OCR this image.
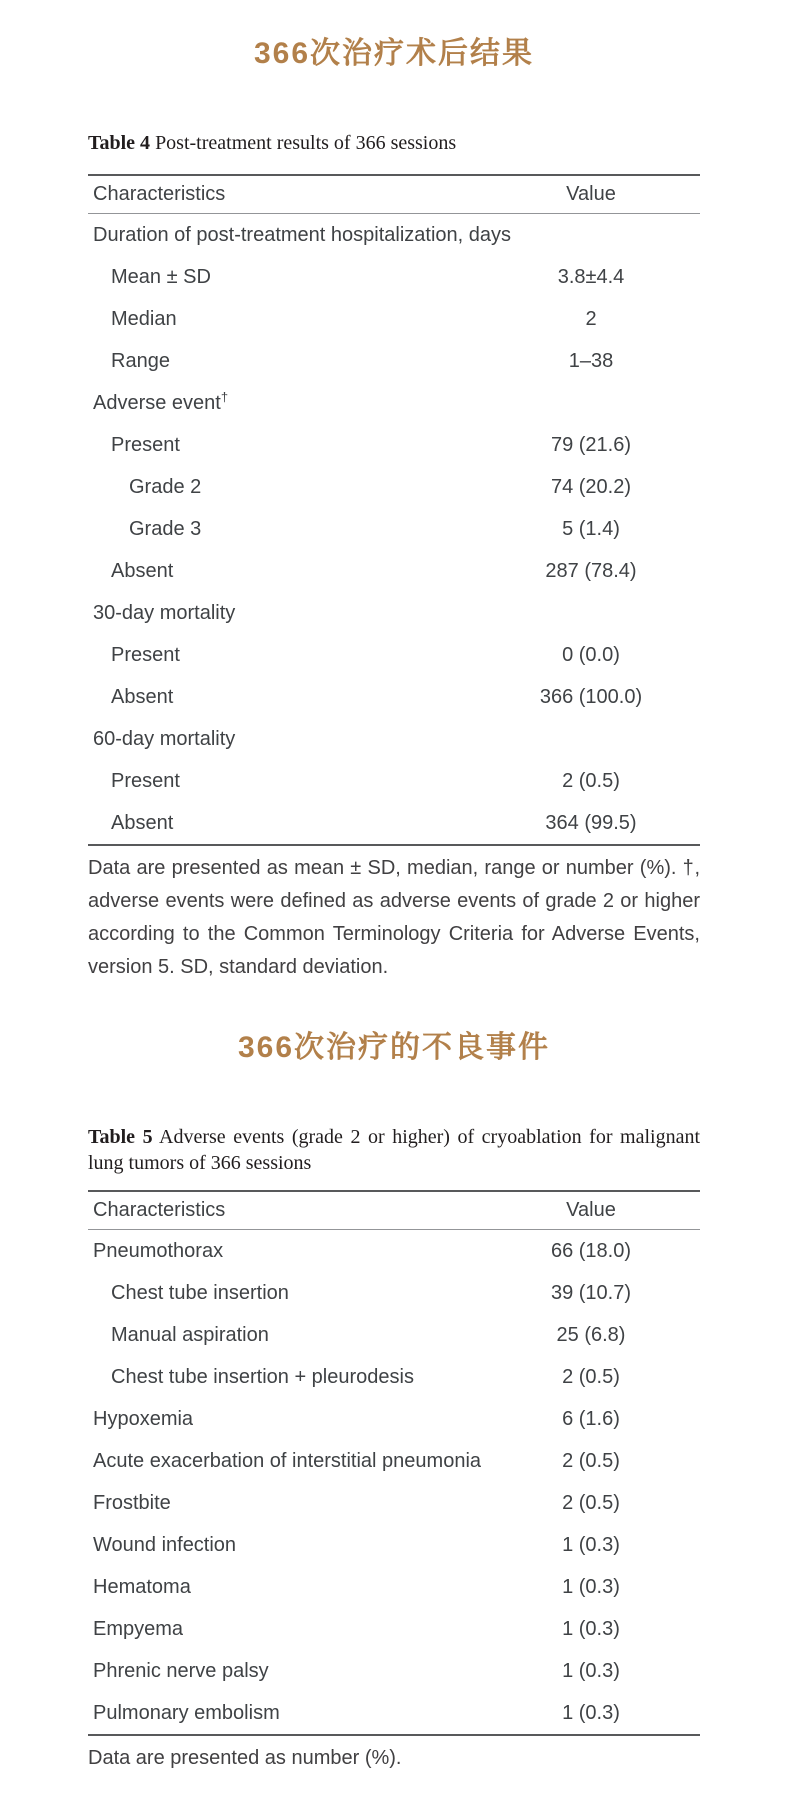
366次治疗术后结果

Table 4 Post-treatment results of 366 sessions

Characteristics	Value
Duration of post-treatment hospitalization, days
Mean ± SD	3.8±4.4
Median	2
Range	1–38
Adverse event†
Present	79 (21.6)
Grade 2	74 (20.2)
Grade 3	5 (1.4)
Absent	287 (78.4)
30-day mortality
Present	0 (0.0)
Absent	366 (100.0)
60-day mortality
Present	2 (0.5)
Absent	364 (99.5)

Data are presented as mean ± SD, median, range or number (%). †, adverse events were defined as adverse events of grade 2 or higher according to the Common Terminology Criteria for Adverse Events, version 5. SD, standard deviation.

366次治疗的不良事件

Table 5 Adverse events (grade 2 or higher) of cryoablation for malignant lung tumors of 366 sessions

Characteristics	Value
Pneumothorax	66 (18.0)
Chest tube insertion	39 (10.7)
Manual aspiration	25 (6.8)
Chest tube insertion + pleurodesis	2 (0.5)
Hypoxemia	6 (1.6)
Acute exacerbation of interstitial pneumonia	2 (0.5)
Frostbite	2 (0.5)
Wound infection	1 (0.3)
Hematoma	1 (0.3)
Empyema	1 (0.3)
Phrenic nerve palsy	1 (0.3)
Pulmonary embolism	1 (0.3)

Data are presented as number (%).
